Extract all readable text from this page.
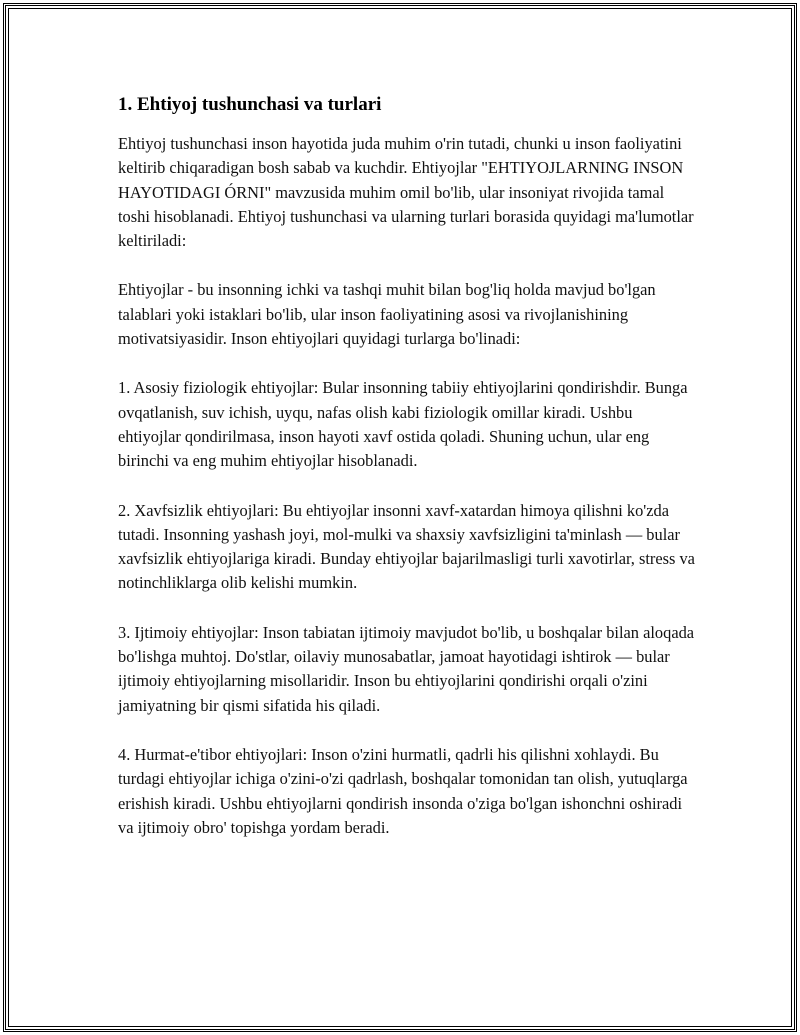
1. Ehtiyoj tushunchasi va turlari

Ehtiyoj tushunchasi inson hayotida juda muhim o'rin tutadi, chunki u inson faoliyatini keltirib chiqaradigan bosh sabab va kuchdir. Ehtiyojlar "EHTIYOJLARNING INSON HAYOTIDAGI ÓRNI" mavzusida muhim omil bo'lib, ular insoniyat rivojida tamal toshi hisoblanadi. Ehtiyoj tushunchasi va ularning turlari borasida quyidagi ma'lumotlar keltiriladi:

Ehtiyojlar - bu insonning ichki va tashqi muhit bilan bog'liq holda mavjud bo'lgan talablari yoki istaklari bo'lib, ular inson faoliyatining asosi va rivojlanishining motivatsiyasidir. Inson ehtiyojlari quyidagi turlarga bo'linadi:

1. Asosiy fiziologik ehtiyojlar: Bular insonning tabiiy ehtiyojlarini qondirishdir. Bunga ovqatlanish, suv ichish, uyqu, nafas olish kabi fiziologik omillar kiradi. Ushbu ehtiyojlar qondirilmasa, inson hayoti xavf ostida qoladi. Shuning uchun, ular eng birinchi va eng muhim ehtiyojlar hisoblanadi.

2. Xavfsizlik ehtiyojlari: Bu ehtiyojlar insonni xavf-xatardan himoya qilishni ko'zda tutadi. Insonning yashash joyi, mol-mulki va shaxsiy xavfsizligini ta'minlash — bular xavfsizlik ehtiyojlariga kiradi. Bunday ehtiyojlar bajarilmasligi turli xavotirlar, stress va notinchliklarga olib kelishi mumkin.

3. Ijtimoiy ehtiyojlar: Inson tabiatan ijtimoiy mavjudot bo'lib, u boshqalar bilan aloqada bo'lishga muhtoj. Do'stlar, oilaviy munosabatlar, jamoat hayotidagi ishtirok — bular ijtimoiy ehtiyojlarning misollaridir. Inson bu ehtiyojlarini qondirishi orqali o'zini jamiyatning bir qismi sifatida his qiladi.

4. Hurmat-e'tibor ehtiyojlari: Inson o'zini hurmatli, qadrli his qilishni xohlaydi. Bu turdagi ehtiyojlar ichiga o'zini-o'zi qadrlash, boshqalar tomonidan tan olish, yutuqlarga erishish kiradi. Ushbu ehtiyojlarni qondirish insonda o'ziga bo'lgan ishonchni oshiradi va ijtimoiy obro' topishga yordam beradi.
